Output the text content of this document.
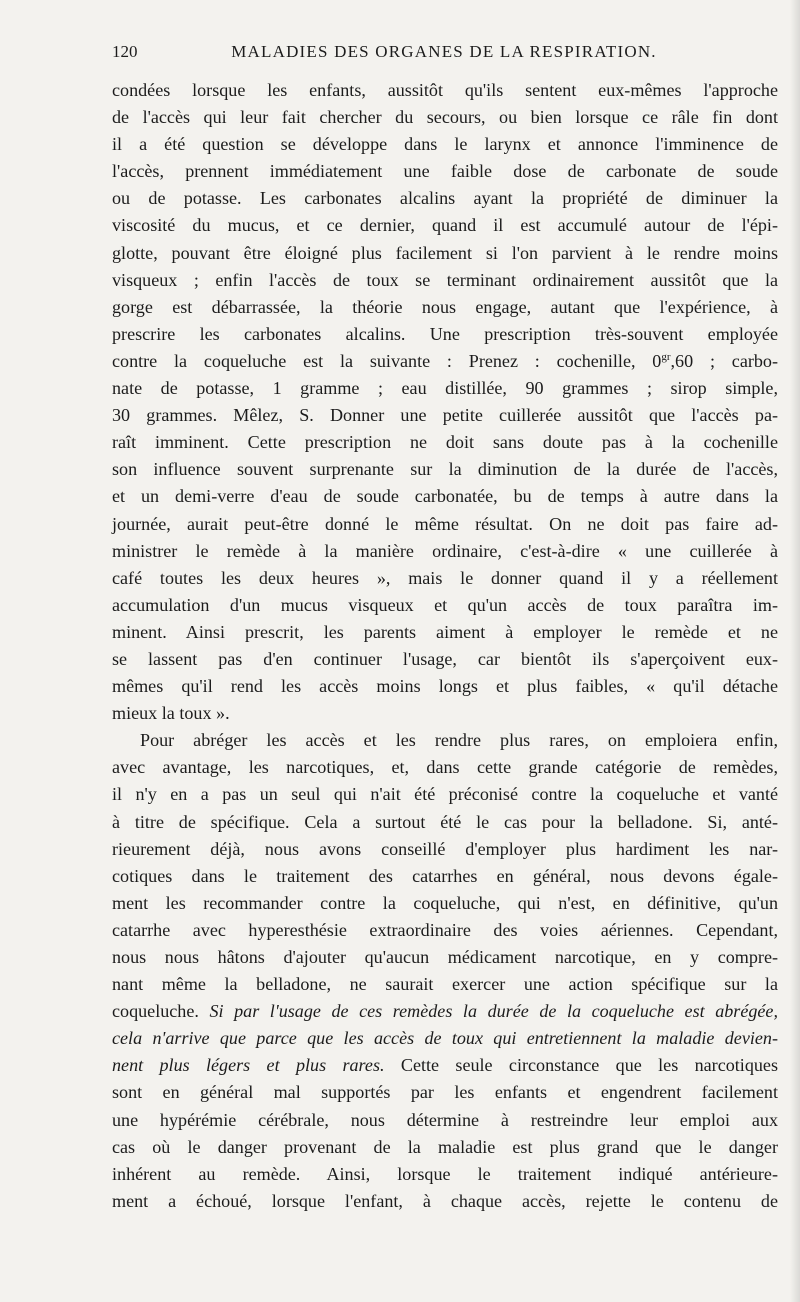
120	MALADIES DES ORGANES DE LA RESPIRATION.
condées lorsque les enfants, aussitôt qu'ils sentent eux-mêmes l'approche
de l'accès qui leur fait chercher du secours, ou bien lorsque ce râle fin dont
il a été question se développe dans le larynx et annonce l'imminence de
l'accès, prennent immédiatement une faible dose de carbonate de soude
ou de potasse. Les carbonates alcalins ayant la propriété de diminuer la
viscosité du mucus, et ce dernier, quand il est accumulé autour de l'épi-
glotte, pouvant être éloigné plus facilement si l'on parvient à le rendre moins
visqueux ; enfin l'accès de toux se terminant ordinairement aussitôt que la
gorge est débarrassée, la théorie nous engage, autant que l'expérience, à
prescrire les carbonates alcalins. Une prescription très-souvent employée
contre la coqueluche est la suivante : Prenez : cochenille, $0^{gr},60$ ; carbo-
nate de potasse, 1 gramme ; eau distillée, 90 grammes ; sirop simple,
30 grammes. Mêlez, S. Donner une petite cuillerée aussitôt que l'accès pa-
raît imminent. Cette prescription ne doit sans doute pas à la cochenille
son influence souvent surprenante sur la diminution de la durée de l'accès,
et un demi-verre d'eau de soude carbonatée, bu de temps à autre dans la
journée, aurait peut-être donné le même résultat. On ne doit pas faire ad-
ministrer le remède à la manière ordinaire, c'est-à-dire « une cuillerée à
café toutes les deux heures », mais le donner quand il y a réellement
accumulation d'un mucus visqueux et qu'un accès de toux paraîtra im-
minent. Ainsi prescrit, les parents aiment à employer le remède et ne
se lassent pas d'en continuer l'usage, car bientôt ils s'aperçoivent eux-
mêmes qu'il rend les accès moins longs et plus faibles, « qu'il détache
mieux la toux ».
Pour abréger les accès et les rendre plus rares, on emploiera enfin,
avec avantage, les narcotiques, et, dans cette grande catégorie de remèdes,
il n'y en a pas un seul qui n'ait été préconisé contre la coqueluche et vanté
à titre de spécifique. Cela a surtout été le cas pour la belladone. Si, anté-
rieurement déjà, nous avons conseillé d'employer plus hardiment les nar-
cotiques dans le traitement des catarrhes en général, nous devons égale-
ment les recommander contre la coqueluche, qui n'est, en définitive, qu'un
catarrhe avec hyperesthésie extraordinaire des voies aériennes. Cependant,
nous nous hâtons d'ajouter qu'aucun médicament narcotique, en y compre-
nant même la belladone, ne saurait exercer une action spécifique sur la
coqueluche. Si par l'usage de ces remèdes la durée de la coqueluche est abrégée,
cela n'arrive que parce que les accès de toux qui entretiennent la maladie devien-
nent plus légers et plus rares. Cette seule circonstance que les narcotiques
sont en général mal supportés par les enfants et engendrent facilement
une hypérémie cérébrale, nous détermine à restreindre leur emploi aux
cas où le danger provenant de la maladie est plus grand que le danger
inhérent au remède. Ainsi, lorsque le traitement indiqué antérieure-
ment a échoué, lorsque l'enfant, à chaque accès, rejette le contenu de
